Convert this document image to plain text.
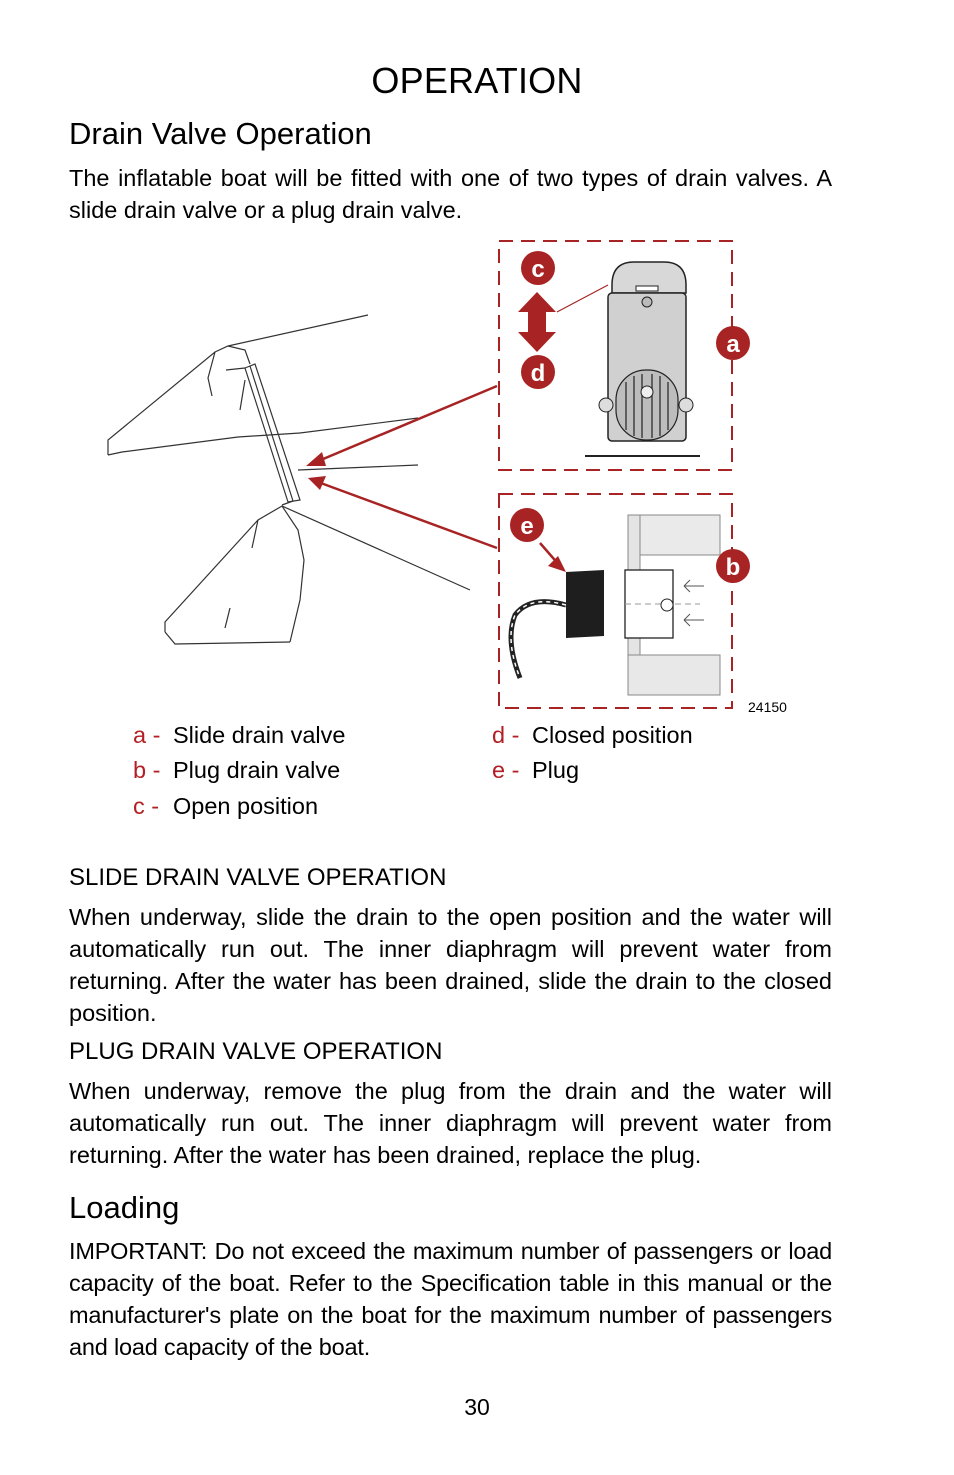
OPERATION
Drain Valve Operation
The inflatable boat will be fitted with one of two types of drain valves. A slide drain valve or a plug drain valve.
c
d
a
e
b
24150
a - Slide drain valve
b - Plug drain valve
c - Open position
d - Closed position
e - Plug
SLIDE DRAIN VALVE OPERATION
When underway, slide the drain to the open position and the water will automatically run out. The inner diaphragm will prevent water from returning. After the water has been drained, slide the drain to the closed position.
PLUG DRAIN VALVE OPERATION
When underway, remove the plug from the drain and the water will automatically run out. The inner diaphragm will prevent water from returning. After the water has been drained, replace the plug.
Loading
IMPORTANT: Do not exceed the maximum number of passengers or load capacity of the boat. Refer to the Specification table in this manual or the manufacturer's plate on the boat for the maximum number of passengers and load capacity of the boat.
30
